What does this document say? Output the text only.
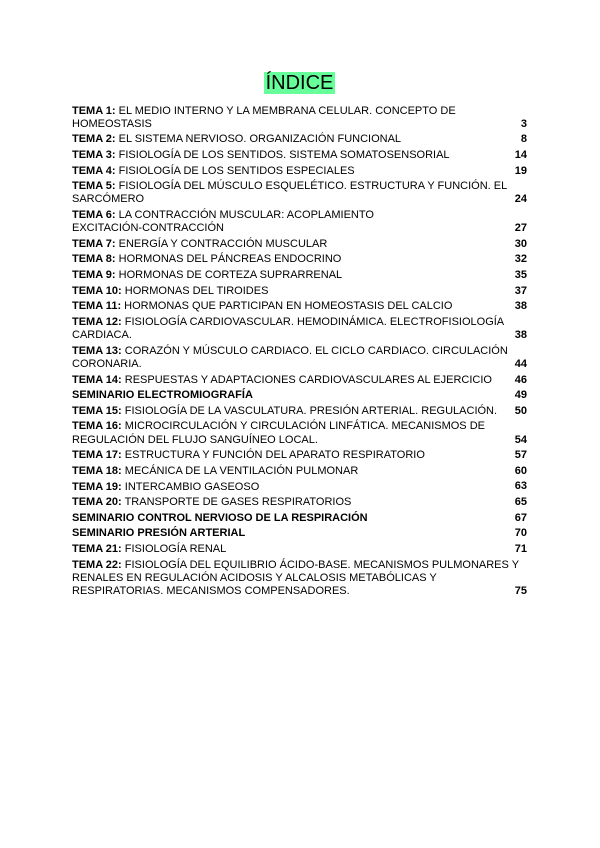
ÍNDICE
TEMA 1: EL MEDIO INTERNO Y LA MEMBRANA CELULAR. CONCEPTO DE
HOMEOSTASIS	3
TEMA 2: EL SISTEMA NERVIOSO. ORGANIZACIÓN FUNCIONAL	8
TEMA 3: FISIOLOGÍA DE LOS SENTIDOS. SISTEMA SOMATOSENSORIAL	14
TEMA 4: FISIOLOGÍA DE LOS SENTIDOS ESPECIALES	19
TEMA 5: FISIOLOGÍA DEL MÚSCULO ESQUELÉTICO. ESTRUCTURA Y FUNCIÓN. EL
SARCÓMERO	24
TEMA 6: LA CONTRACCIÓN MUSCULAR: ACOPLAMIENTO
EXCITACIÓN-CONTRACCIÓN	27
TEMA 7: ENERGÍA Y CONTRACCIÓN MUSCULAR	30
TEMA 8: HORMONAS DEL PÁNCREAS ENDOCRINO	32
TEMA 9: HORMONAS DE CORTEZA SUPRARRENAL	35
TEMA 10: HORMONAS DEL TIROIDES	37
TEMA 11: HORMONAS QUE PARTICIPAN EN HOMEOSTASIS DEL CALCIO	38
TEMA 12: FISIOLOGÍA CARDIOVASCULAR. HEMODINÁMICA. ELECTROFISIOLOGÍA
CARDIACA.	38
TEMA 13: CORAZÓN Y MÚSCULO CARDIACO. EL CICLO CARDIACO. CIRCULACIÓN
CORONARIA.	44
TEMA 14: RESPUESTAS Y ADAPTACIONES CARDIOVASCULARES AL EJERCICIO	46
SEMINARIO ELECTROMIOGRAFÍA	49
TEMA 15: FISIOLOGÍA DE LA VASCULATURA. PRESIÓN ARTERIAL. REGULACIÓN.	50
TEMA 16: MICROCIRCULACIÓN Y CIRCULACIÓN LINFÁTICA. MECANISMOS DE
REGULACIÓN DEL FLUJO SANGUÍNEO LOCAL.	54
TEMA 17: ESTRUCTURA Y FUNCIÓN DEL APARATO RESPIRATORIO	57
TEMA 18: MECÁNICA DE LA VENTILACIÓN PULMONAR	60
TEMA 19: INTERCAMBIO GASEOSO	63
TEMA 20: TRANSPORTE DE GASES RESPIRATORIOS	65
SEMINARIO CONTROL NERVIOSO DE LA RESPIRACIÓN	67
SEMINARIO PRESIÓN ARTERIAL	70
TEMA 21: FISIOLOGÍA RENAL	71
TEMA 22: FISIOLOGÍA DEL EQUILIBRIO ÁCIDO-BASE. MECANISMOS PULMONARES Y
RENALES EN REGULACIÓN ACIDOSIS Y ALCALOSIS METABÓLICAS Y
RESPIRATORIAS. MECANISMOS COMPENSADORES.	75
